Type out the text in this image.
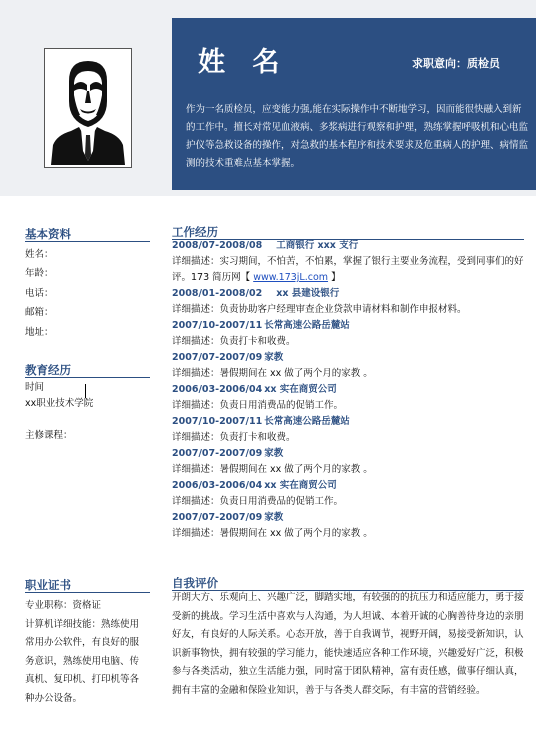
姓 名	求职意向：质检员

作为一名质检员，应变能力强,能在实际操作中不断地学习，因而能很快融入到新的工作中。擅长对常见血液病、多浆病进行观察和护理，熟练掌握呼吸机和心电监护仪等急救设备的操作，对急救的基本程序和技术要求及危重病人的护理、病情监测的技术重难点基本掌握。

基本资料
姓名：
年龄：
电话：
邮箱：
地址：
教育经历
时间
xx职业技术学院
主修课程：
职业证书
专业职称：资格证
计算机详细技能：熟练使用
常用办公软件，有良好的服
务意识，熟练使用电脑、传
真机、复印机、打印机等各
种办公设备。
工作经历
2008/07-2008/08 工商银行 xxx 支行
详细描述：实习期间，不怕苦，不怕累，掌握了银行主要业务流程，受到同事们的好评。173 简历网【 www.173jL.com 】
2008/01-2008/02 xx 县建设银行
详细描述：负责协助客户经理审查企业贷款申请材料和制作申报材料。
2007/10-2007/11 长常高速公路岳麓站
详细描述：负责打卡和收费。
2007/07-2007/09 家教
详细描述：暑假期间在 xx 做了两个月的家教 。
2006/03-2006/04 xx 实在商贸公司
详细描述：负责日用消费品的促销工作。
2007/10-2007/11 长常高速公路岳麓站
详细描述：负责打卡和收费。
2007/07-2007/09 家教
详细描述：暑假期间在 xx 做了两个月的家教 。
2006/03-2006/04 xx 实在商贸公司
详细描述：负责日用消费品的促销工作。
2007/07-2007/09 家教
详细描述：暑假期间在 xx 做了两个月的家教 。
自我评价

开朗大方、乐观向上、兴趣广泛，脚踏实地，有较强的的抗压力和适应能力，勇于接受新的挑战。学习生活中喜欢与人沟通，为人坦诚、本着开诚的心胸善待身边的亲朋好友，有良好的人际关系。心态开放，善于自我调节，视野开阔，易接受新知识，认识新事物快，拥有较强的学习能力，能快速适应各种工作环境，兴趣爱好广泛，积极参与各类活动，独立生活能力强，同时富于团队精神，富有责任感，做事仔细认真，拥有丰富的金融和保险业知识，善于与各类人群交际，有丰富的营销经验。
